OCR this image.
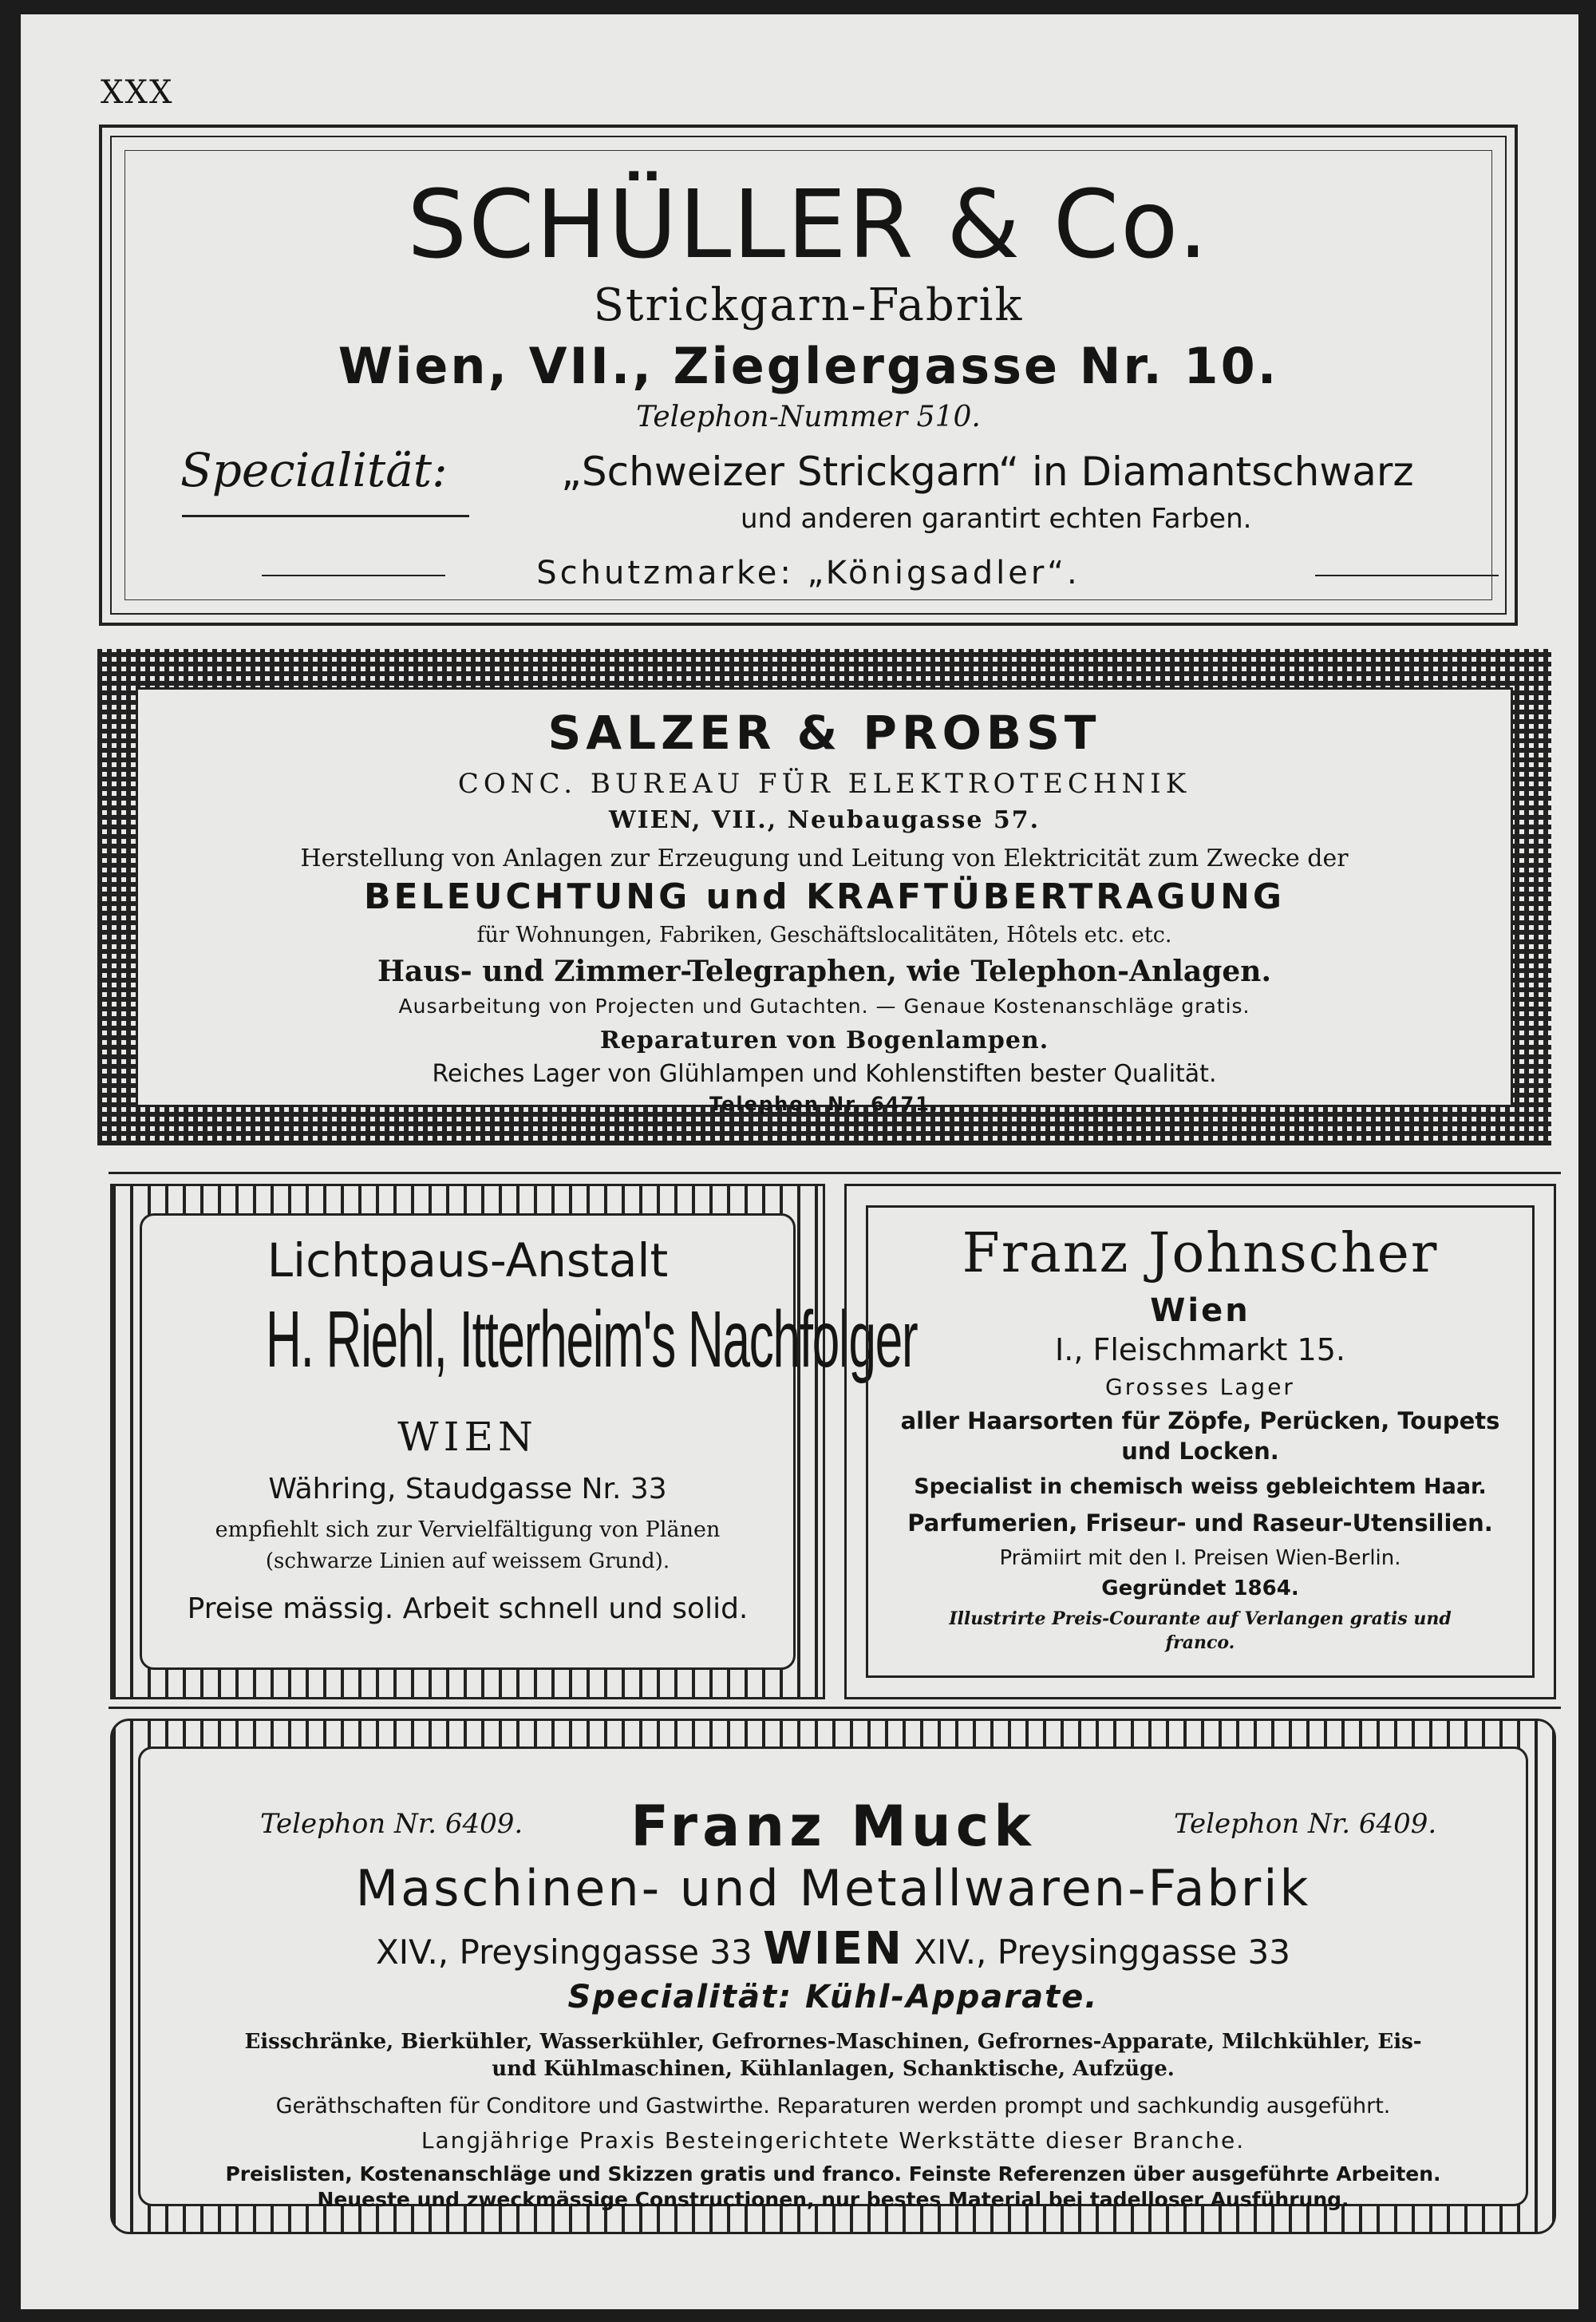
XXX
SCHÜLLER & Co.
Strickgarn-Fabrik
Wien, VII., Zieglergasse Nr. 10.
Telephon-Nummer 510.
Specialität:	„Schweizer Strickgarn“ in Diamantschwarz
und anderen garantirt echten Farben.
Schutzmarke: „Königsadler“.
SALZER & PROBST
CONC. BUREAU FÜR ELEKTROTECHNIK
WIEN, VII., Neubaugasse 57.
Herstellung von Anlagen zur Erzeugung und Leitung von Elektricität zum Zwecke der
BELEUCHTUNG und KRAFTÜBERTRAGUNG
für Wohnungen, Fabriken, Geschäftslocalitäten, Hôtels etc. etc.
Haus- und Zimmer-Telegraphen, wie Telephon-Anlagen.
Ausarbeitung von Projecten und Gutachten. — Genaue Kostenanschläge gratis.
Reparaturen von Bogenlampen.
Reiches Lager von Glühlampen und Kohlenstiften bester Qualität.
Telephon Nr. 6471.
Lichtpaus-Anstalt
H. Riehl, Itterheim's Nachfolger
WIEN
Währing, Staudgasse Nr. 33
empfiehlt sich zur Vervielfältigung von Plänen
(schwarze Linien auf weissem Grund).
Preise mässig. Arbeit schnell und solid.
Franz Johnscher
Wien
I., Fleischmarkt 15.
Grosses Lager
aller Haarsorten für Zöpfe, Perücken, Toupets
und Locken.
Specialist in chemisch weiss gebleichtem Haar.
Parfumerien, Friseur- und Raseur-Utensilien.
Prämiirt mit den I. Preisen Wien-Berlin.
Gegründet 1864.
Illustrirte Preis-Courante auf Verlangen gratis und
franco.
Telephon Nr. 6409.	Telephon Nr. 6409.
Franz Muck
Maschinen- und Metallwaren-Fabrik
XIV., Preysinggasse 33 WIEN XIV., Preysinggasse 33
Specialität: Kühl-Apparate.
Eisschränke, Bierkühler, Wasserkühler, Gefrornes-Maschinen, Gefrornes-Apparate, Milchkühler, Eis-
und Kühlmaschinen, Kühlanlagen, Schanktische, Aufzüge.
Geräthschaften für Conditore und Gastwirthe. Reparaturen werden prompt und sachkundig ausgeführt.
Langjährige Praxis Besteingerichtete Werkstätte dieser Branche.
Preislisten, Kostenanschläge und Skizzen gratis und franco. Feinste Referenzen über ausgeführte Arbeiten.
Neueste und zweckmässige Constructionen, nur bestes Material bei tadelloser Ausführung.
